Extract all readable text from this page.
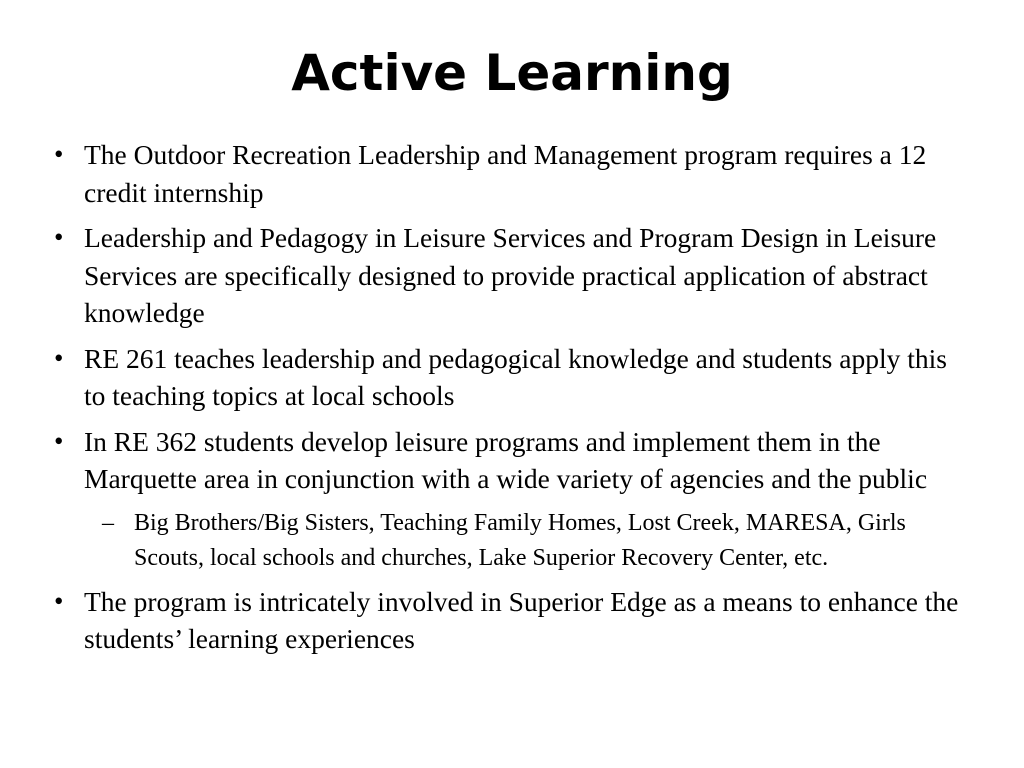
Active Learning
• The Outdoor Recreation Leadership and Management program requires a 12 credit internship
• Leadership and Pedagogy in Leisure Services and Program Design in Leisure Services are specifically designed to provide practical application of abstract knowledge
• RE 261 teaches leadership and pedagogical knowledge and students apply this to teaching topics at local schools
• In RE 362 students develop leisure programs and implement them in the Marquette area in conjunction with a wide variety of agencies and the public
– Big Brothers/Big Sisters, Teaching Family Homes, Lost Creek, MARESA, Girls Scouts, local schools and churches, Lake Superior Recovery Center, etc.
• The program is intricately involved in Superior Edge as a means to enhance the students’ learning experiences
